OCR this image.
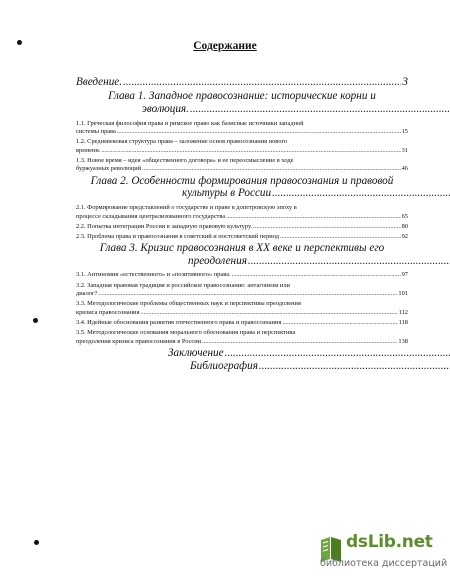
Содержание
Введение. .....	3
Глава 1. Западное правосознание: исторические корни и
эволюция.
.....
1.1. Греческая философия права и римское право как базисные источники западной
системы права .....	15
1.2. Средневековая структура права – заложение основ правосознания нового
времени. .....	31
1.3. Новое время – идея «общественного договора» и ее переосмысление в ходе
буржуазных революций .....	46
Глава 2. Особенности формирования правосознания и правовой
культуры в России
.....
2.1. Формирование представлений о государстве и праве в допетровскую эпоху в
процессе складывания централизованного государства .....	65
2.2. Попытка интеграции России в западную правовую культуру. .....	80
2.3. Проблема права и правосознания в советский и постсоветский период .....	92
Глава 3. Кризис правосознания в XX веке и перспективы его
преодоления
.....
3.1. Антиномия «естественного» и «позитивного» права. .....	97
3.2. Западная правовая традиция и российское правосознание: антагонизм или
диалог? .....	101
3.3. Методологические проблемы общественных наук и перспективы преодоления
кризиса правосознания .....	112
3.4. Идейные обоснования развития отечественного права и правосознания .....	118
3.5. Методологические основания морального обоснования права и перспектива
преодоления кризиса правосознания в России .....	138
Заключение
.....
Библиография
.....
dsLib.net
библиотека диссертаций
